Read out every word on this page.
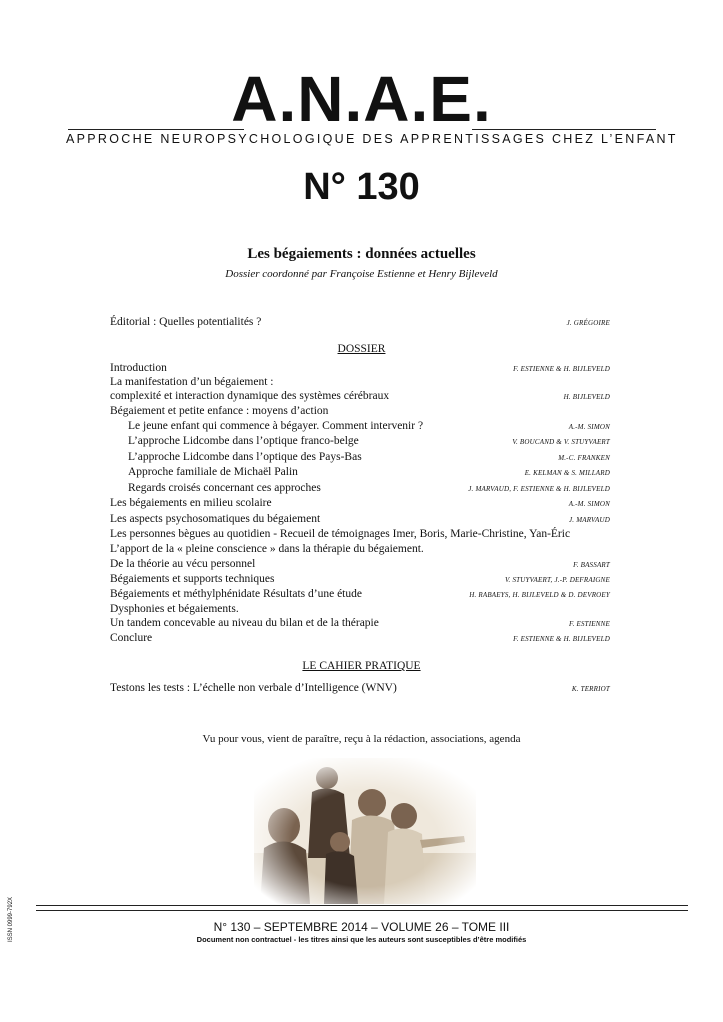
A.N.A.E.
APPROCHE NEUROPSYCHOLOGIQUE DES APPRENTISSAGES CHEZ L’ENFANT
N° 130
Les bégaiements : données actuelles
Dossier coordonné par Françoise Estienne et Henry Bijleveld
Éditorial : Quelles potentialités ?	J. GRÉGOIRE
DOSSIER
Introduction	F. ESTIENNE & H. BIJLEVELD
La manifestation d’un bégaiement :
complexité et interaction dynamique des systèmes cérébraux	H. BIJLEVELD
Bégaiement et petite enfance : moyens d’action
Le jeune enfant qui commence à bégayer. Comment intervenir ?	A.-M. SIMON
L’approche Lidcombe dans l’optique franco-belge	V. BOUCAND & V. STUYVAERT
L’approche Lidcombe dans l’optique des Pays-Bas	M.-C. FRANKEN
Approche familiale de Michaël Palin	E. KELMAN & S. MILLARD
Regards croisés concernant ces approches	J. MARVAUD, F. ESTIENNE & H. BIJLEVELD
Les bégaiements en milieu scolaire	A.-M. SIMON
Les aspects psychosomatiques du bégaiement	J. MARVAUD
Les personnes bègues au quotidien - Recueil de témoignages Imer, Boris, Marie-Christine, Yan-Éric
L’apport de la « pleine conscience » dans la thérapie du bégaiement.
De la théorie au vécu personnel	F. BASSART
Bégaiements et supports techniques	V. STUYVAERT, J.-P. DEFRAIGNE
Bégaiements et méthylphénidate Résultats d’une étude	H. RABAEYS, H. BIJLEVELD & D. DEVROEY
Dysphonies et bégaiements.
Un tandem concevable au niveau du bilan et de la thérapie	F. ESTIENNE
Conclure	F. ESTIENNE & H. BIJLEVELD
LE CAHIER PRATIQUE
Testons les tests : L’échelle non verbale d’Intelligence (WNV)	K. TERRIOT
Vu pour vous, vient de paraître, reçu à la rédaction, associations, agenda
N° 130 – SEPTEMBRE 2014 – VOLUME 26 – TOME III
Document non contractuel - les titres ainsi que les auteurs sont susceptibles d’être modifiés
ISSN 0999-792X
